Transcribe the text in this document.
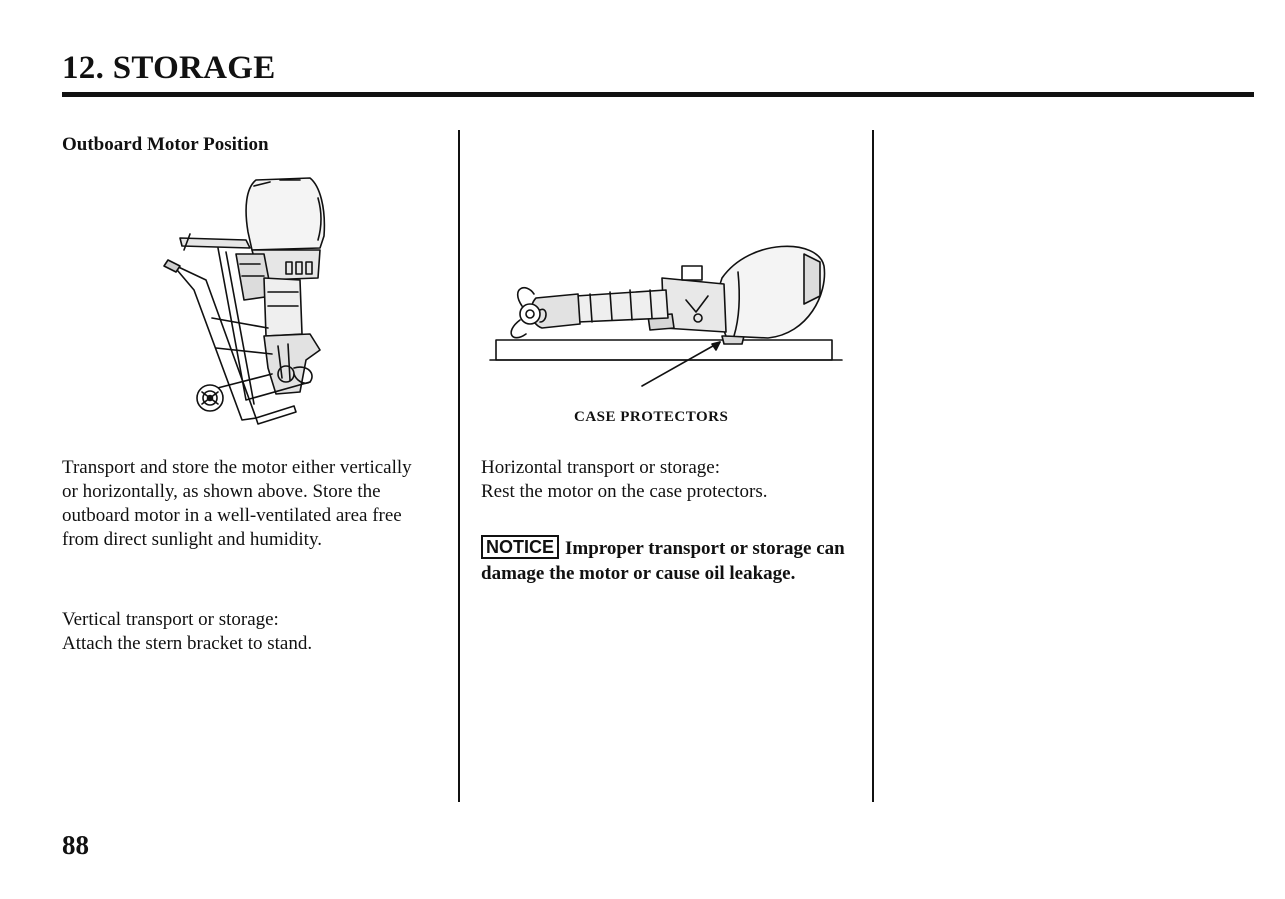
12. STORAGE
Outboard Motor Position

Transport and store the motor either vertically or horizontally, as shown above. Store the outboard motor in a well-ventilated area free from direct sunlight and humidity.

Vertical transport or storage:
Attach the stern bracket to stand.

CASE PROTECTORS

Horizontal transport or storage:
Rest the motor on the case protectors.

NOTICE Improper transport or storage can damage the motor or cause oil leakage.
88
